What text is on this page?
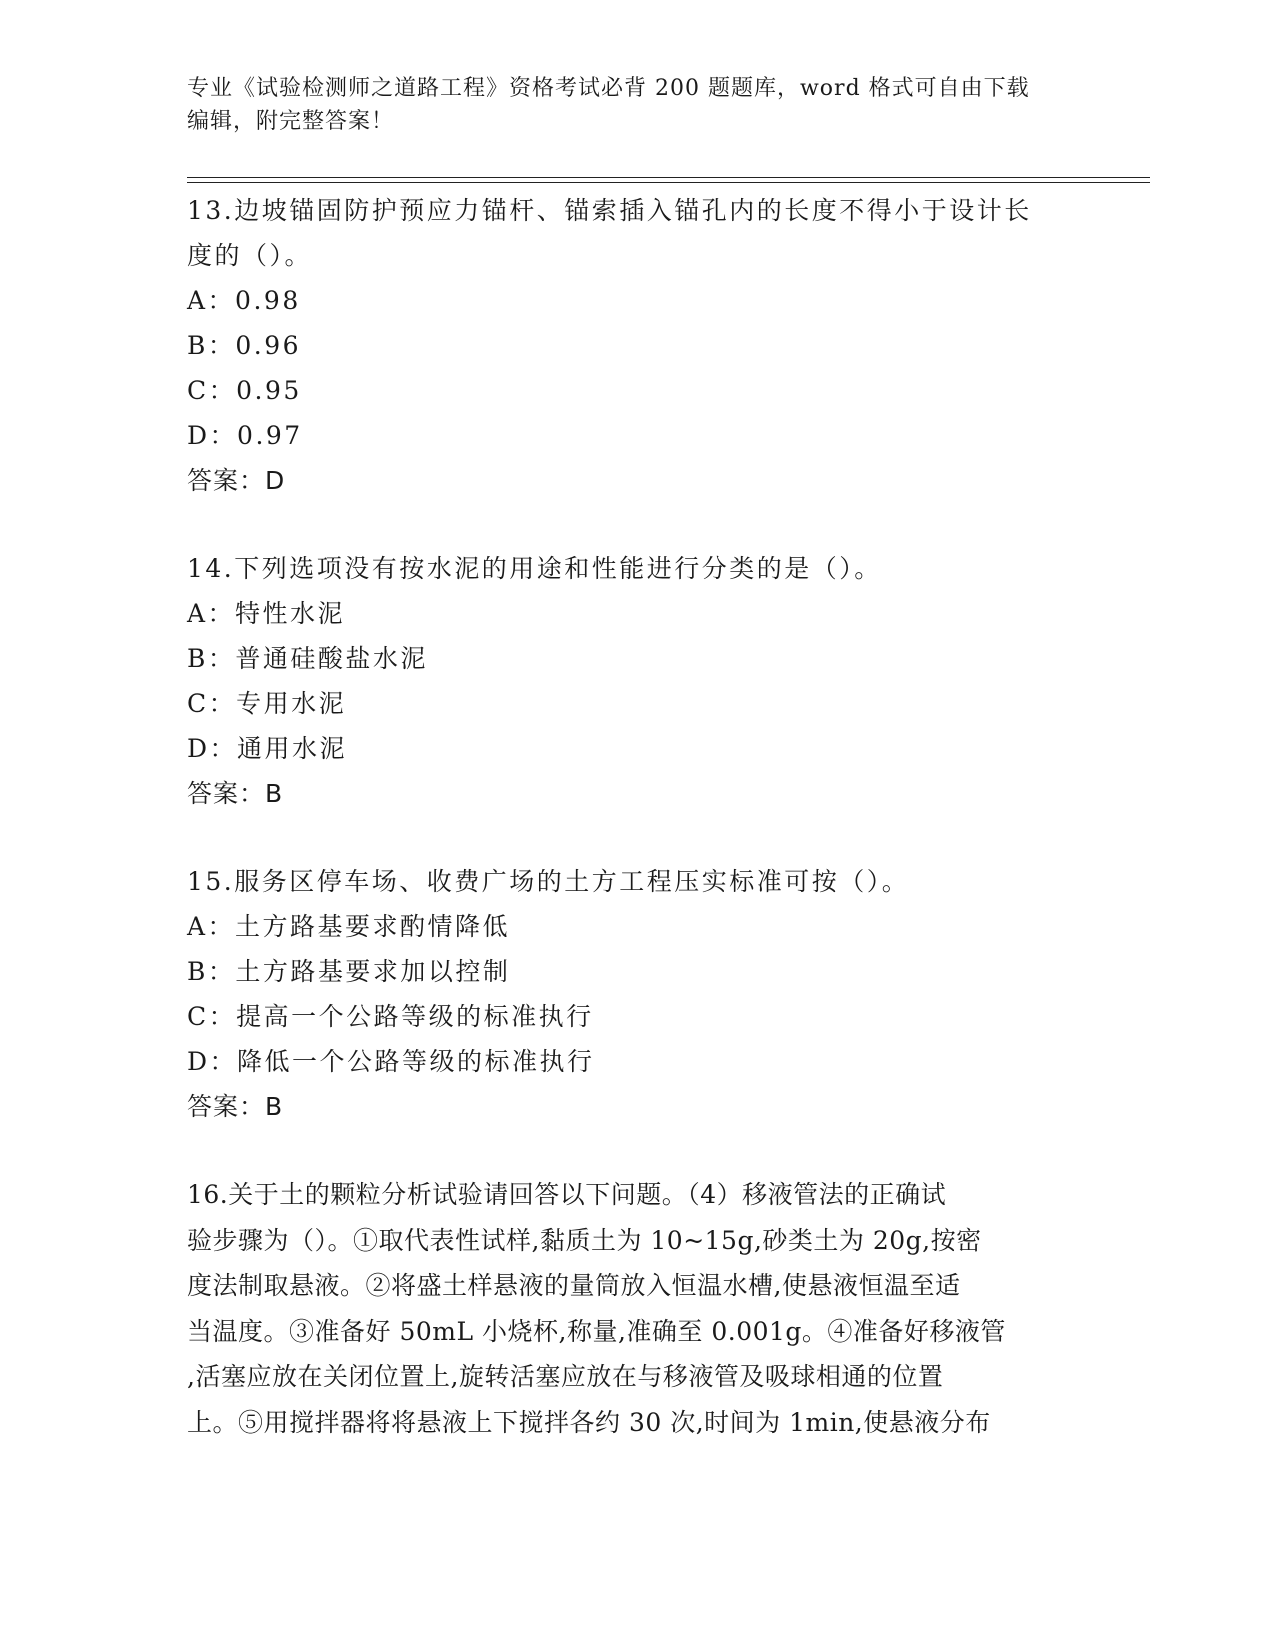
专业《试验检测师之道路工程》资格考试必背 200 题题库，word 格式可自由下载
编辑，附完整答案！

13.边坡锚固防护预应力锚杆、锚索插入锚孔内的长度不得小于设计长
度的（）。

A：0.98
B：0.96
C：0.95
D：0.97
答案：D

14.下列选项没有按水泥的用途和性能进行分类的是（）。

A：特性水泥
B：普通硅酸盐水泥
C：专用水泥
D：通用水泥
答案：B

15.服务区停车场、收费广场的土方工程压实标准可按（）。

A：土方路基要求酌情降低
B：土方路基要求加以控制
C：提高一个公路等级的标准执行
D：降低一个公路等级的标准执行
答案：B

16.关于土的颗粒分析试验请回答以下问题。（4）移液管法的正确试
验步骤为（）。①取代表性试样,黏质土为 10~15g,砂类土为 20g,按密
度法制取悬液。②将盛土样悬液的量筒放入恒温水槽,使悬液恒温至适
当温度。③准备好 50mL 小烧杯,称量,准确至 0.001g。④准备好移液管
,活塞应放在关闭位置上,旋转活塞应放在与移液管及吸球相通的位置
上。⑤用搅拌器将将悬液上下搅拌各约 30 次,时间为 1min,使悬液分布
